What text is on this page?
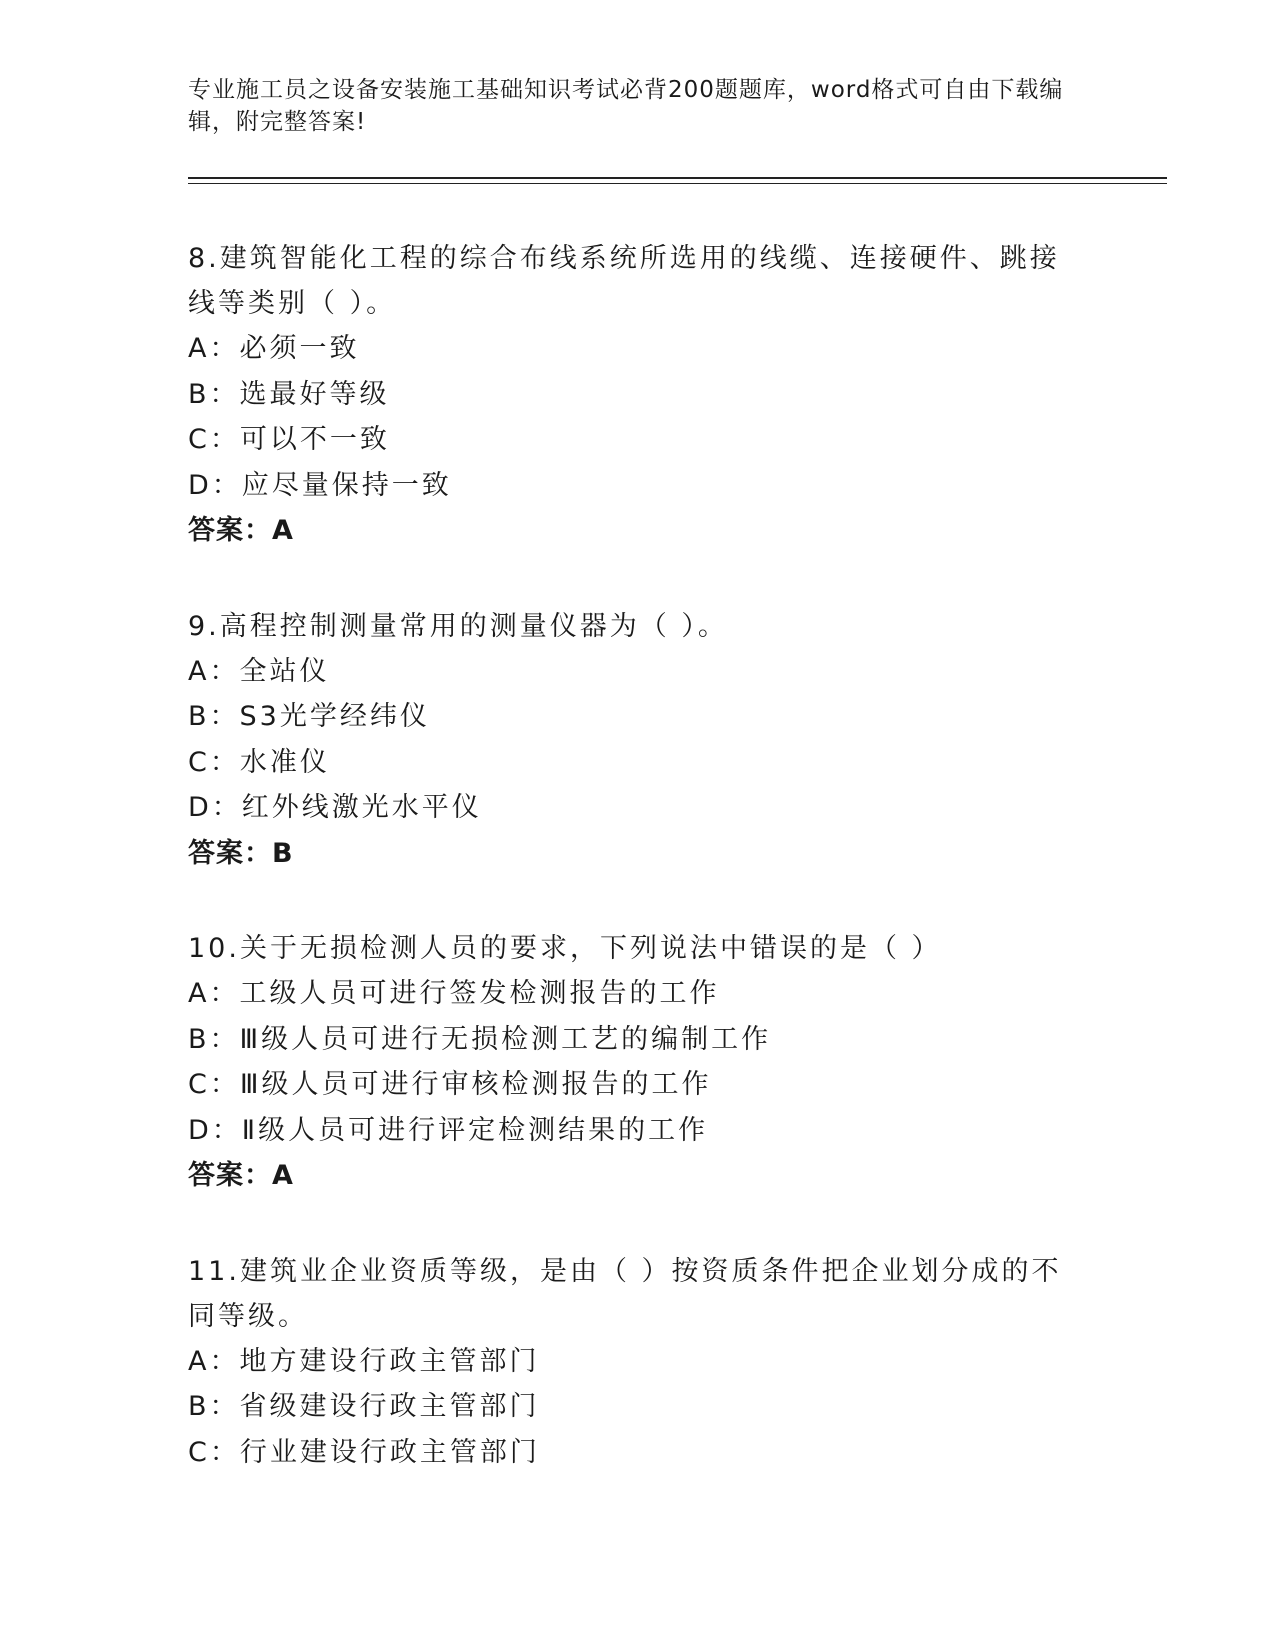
专业施工员之设备安装施工基础知识考试必背200题题库，word格式可自由下载编辑，附完整答案!
8.建筑智能化工程的综合布线系统所选用的线缆、连接硬件、跳接线等类别（ ）。
A：必须一致
B：选最好等级
C：可以不一致
D：应尽量保持一致
答案：A
9.高程控制测量常用的测量仪器为（ ）。
A：全站仪
B：S3光学经纬仪
C：水准仪
D：红外线激光水平仪
答案：B
10.关于无损检测人员的要求，下列说法中错误的是（ ）
A：工级人员可进行签发检测报告的工作
B：Ⅲ级人员可进行无损检测工艺的编制工作
C：Ⅲ级人员可进行审核检测报告的工作
D：Ⅱ级人员可进行评定检测结果的工作
答案：A
11.建筑业企业资质等级，是由（ ）按资质条件把企业划分成的不同等级。
A：地方建设行政主管部门
B：省级建设行政主管部门
C：行业建设行政主管部门
